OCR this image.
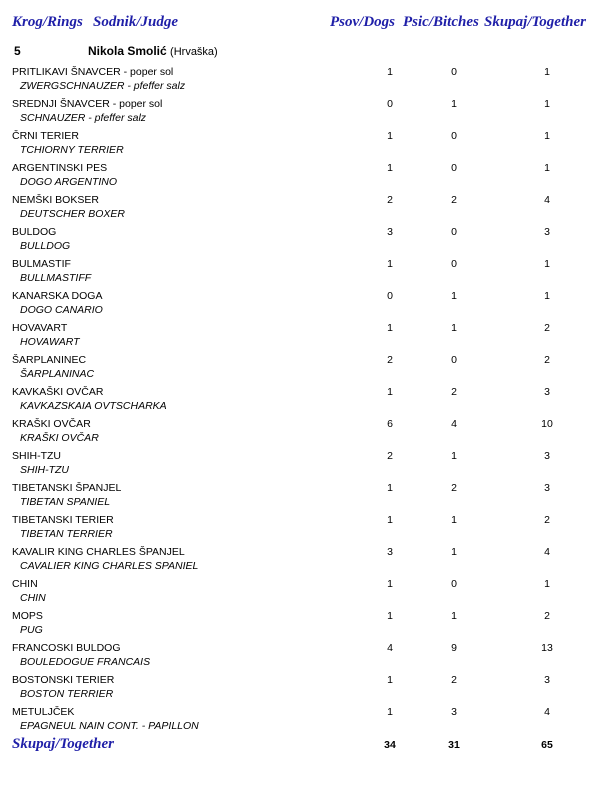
Krog/Rings Sodnik/Judge	Psov/Dogs Psic/Bitches Skupaj/Together
5	Nikola Smolić (Hrvaška)
PRITLIKAVI ŠNAVCER - poper sol
ZWERGSCHNAUZER - pfeffer salz
1	0	1
SREDNJI ŠNAVCER - poper sol
SCHNAUZER - pfeffer salz
0	1	1
ČRNI TERIER
TCHIORNY TERRIER
1	0	1
ARGENTINSKI PES
DOGO ARGENTINO
1	0	1
NEMŠKI BOKSER
DEUTSCHER BOXER
2	2	4
BULDOG
BULLDOG
3	0	3
BULMASTIF
BULLMASTIFF
1	0	1
KANARSKA DOGA
DOGO CANARIO
0	1	1
HOVAVART
HOVAWART
1	1	2
ŠARPLANINEC
ŠARPLANINAC
2	0	2
KAVKAŠKI OVČAR
KAVKAZSKAIA OVTSCHARKA
1	2	3
KRAŠKI OVČAR
KRAŠKI OVČAR
6	4	10
SHIH-TZU
SHIH-TZU
2	1	3
TIBETANSKI ŠPANJEL
TIBETAN SPANIEL
1	2	3
TIBETANSKI TERIER
TIBETAN TERRIER
1	1	2
KAVALIR KING CHARLES ŠPANJEL
CAVALIER KING CHARLES SPANIEL
3	1	4
CHIN
CHIN
1	0	1
MOPS
PUG
1	1	2
FRANCOSKI BULDOG
BOULEDOGUE FRANCAIS
4	9	13
BOSTONSKI TERIER
BOSTON TERRIER
1	2	3
METULJČEK
EPAGNEUL NAIN CONT. - PAPILLON
1	3	4
Skupaj/Together	34	31	65
